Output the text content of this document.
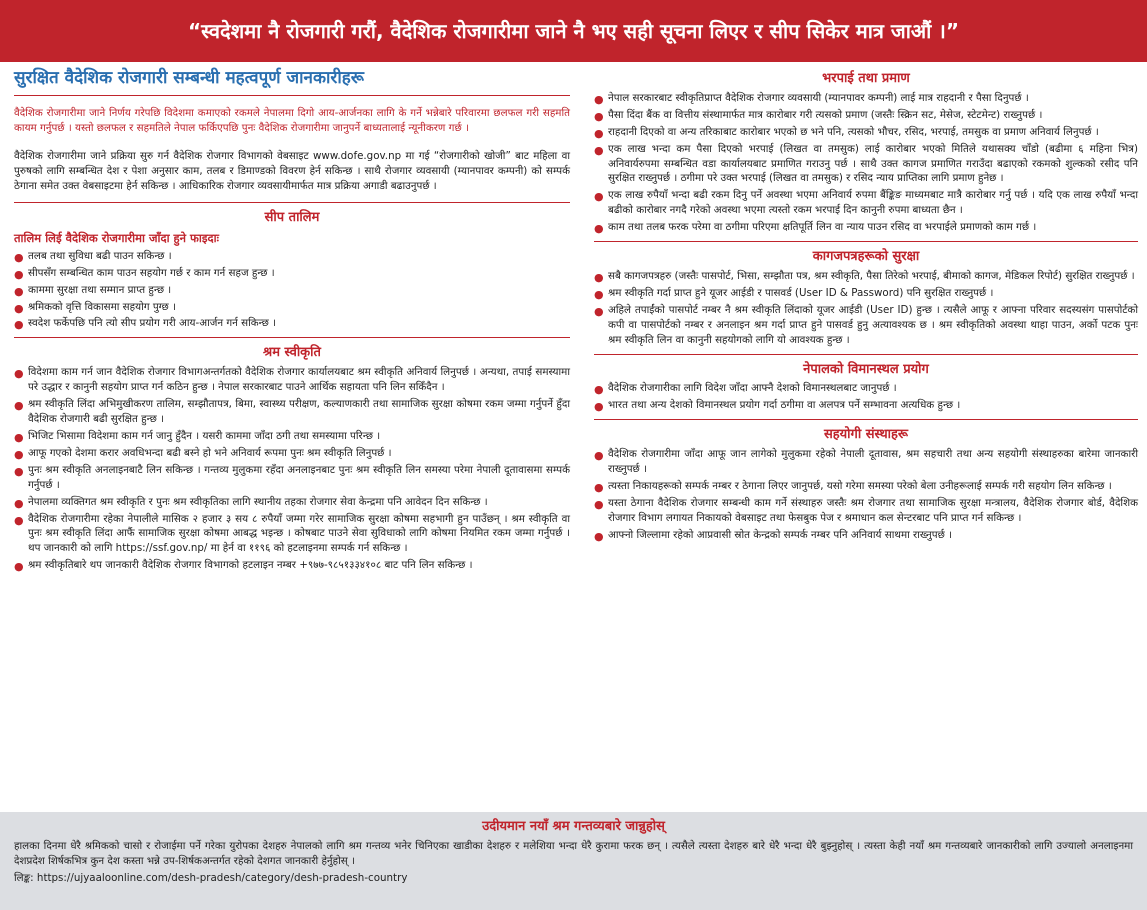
“स्वदेशमा नै रोजगारी गरौं, वैदेशिक रोजगारीमा जाने नै भए सही सूचना लिएर र सीप सिकेर मात्र जाऔं ।”
सुरक्षित वैदेशिक रोजगारी सम्बन्धी महत्वपूर्ण जानकारीहरू

वैदेशिक रोजगारीमा जाने निर्णय गरेपछि विदेशमा कमाएको रकमले नेपालमा दिगो आय-आर्जनका लागि के गर्ने भन्नेबारे परिवारमा छलफल गरी सहमति कायम गर्नुपर्छ । यस्तो छलफल र सहमतिले नेपाल फर्किएपछि पुनः वैदेशिक रोजगारीमा जानुपर्ने बाध्यतालाई न्यूनीकरण गर्छ ।

वैदेशिक रोजगारीमा जाने प्रक्रिया सुरु गर्न वैदेशिक रोजगार विभागको वेबसाइट www.dofe.gov.np मा गई “रोजगारीको खोजी” बाट महिला वा पुरुषको लागि सम्बन्धित देश र पेशा अनुसार काम, तलब र डिमाण्डको विवरण हेर्न सकिन्छ । साथै रोजगार व्यवसायी (म्यानपावर कम्पनी) को सम्पर्क ठेगाना समेत उक्त वेबसाइटमा हेर्न सकिन्छ । आधिकारिक रोजगार व्यवसायीमार्फत मात्र प्रक्रिया अगाडी बढाउनुपर्छ ।

सीप तालिम
तालिम लिई वैदेशिक रोजगारीमा जाँदा हुने फाइदाः
● तलब तथा सुविधा बढी पाउन सकिन्छ ।
● सीपसँग सम्बन्धित काम पाउन सहयोग गर्छ र काम गर्न सहज हुन्छ ।
● काममा सुरक्षा तथा सम्मान प्राप्त हुन्छ ।
● श्रमिकको वृत्ति विकासमा सहयोग पुग्छ ।
● स्वदेश फर्केपछि पनि त्यो सीप प्रयोग गरी आय-आर्जन गर्न सकिन्छ ।
श्रम स्वीकृति
● विदेशमा काम गर्न जान वैदेशिक रोजगार विभागअन्तर्गतको वैदेशिक रोजगार कार्यालयबाट श्रम स्वीकृति अनिवार्य लिनुपर्छ । अन्यथा, तपाई समस्यामा परे उद्धार र कानुनी सहयोग प्राप्त गर्न कठिन हुन्छ । नेपाल सरकारबाट पाउने आर्थिक सहायता पनि लिन सकिँदैन ।
● श्रम स्वीकृति लिंदा अभिमुखीकरण तालिम, सम्झौतापत्र, बिमा, स्वास्थ्य परीक्षण, कल्याणकारी तथा सामाजिक सुरक्षा कोषमा रकम जम्मा गर्नुपर्ने हुँदा वैदेशिक रोजगारी बढी सुरक्षित हुन्छ ।
● भिजिट भिसामा विदेशमा काम गर्न जानु हुँदैन । यसरी काममा जाँदा ठगी तथा समस्यामा परिन्छ ।
● आफू गएको देशमा करार अवधिभन्दा बढी बस्ने हो भने अनिवार्य रूपमा पुनः श्रम स्वीकृति लिनुपर्छ ।
● पुनः श्रम स्वीकृति अनलाइनबाटै लिन सकिन्छ । गन्तव्य मुलुकमा रहँदा अनलाइनबाट पुनः श्रम स्वीकृति लिन समस्या परेमा नेपाली दूतावासमा सम्पर्क गर्नुपर्छ ।
● नेपालमा व्यक्तिगत श्रम स्वीकृति र पुनः श्रम स्वीकृतिका लागि स्थानीय तहका रोजगार सेवा केन्द्रमा पनि आवेदन दिन सकिन्छ ।
● वैदेशिक रोजगारीमा रहेका नेपालीले मासिक २ हजार ३ सय ८ रुपैयाँ जम्मा गरेर सामाजिक सुरक्षा कोषमा सहभागी हुन पाउँछन् । श्रम स्वीकृति वा पुनः श्रम स्वीकृति लिंदा आफैं सामाजिक सुरक्षा कोषमा आबद्ध भइन्छ । कोषबाट पाउने सेवा सुविधाको लागि कोषमा नियमित रकम जम्मा गर्नुपर्छ । थप जानकारी को लागि https://ssf.gov.np/ मा हेर्न वा ११९६ को हटलाइनमा सम्पर्क गर्न सकिन्छ ।
● श्रम स्वीकृतिबारे थप जानकारी वैदेशिक रोजगार विभागको हटलाइन नम्बर +९७७-९८५१३३४१०८ बाट पनि लिन सकिन्छ ।
भरपाई तथा प्रमाण
● नेपाल सरकारबाट स्वीकृतिप्राप्त वैदेशिक रोजगार व्यवसायी (म्यानपावर कम्पनी) लाई मात्र राहदानी र पैसा दिनुपर्छ ।
● पैसा दिंदा बैंक वा वित्तीय संस्थामार्फत मात्र कारोबार गरी त्यसको प्रमाण (जस्तैः स्क्रिन सट, मेसेज, स्टेटमेन्ट) राख्नुपर्छ ।
● राहदानी दिएको वा अन्य तरिकाबाट कारोबार भएको छ भने पनि, त्यसको भौचर, रसिद, भरपाई, तमसुक वा प्रमाण अनिवार्य लिनुपर्छ ।
● एक लाख भन्दा कम पैसा दिएको भरपाई (लिखत वा तमसुक) लाई कारोबार भएको मितिले यथासक्य चाँडो (बढीमा ६ महिना भित्र) अनिवार्यरुपमा सम्बन्धित वडा कार्यालयबाट प्रमाणित गराउनु पर्छ । साथै उक्त कागज प्रमाणित गराउँदा बढाएको रकमको शुल्कको रसीद पनि सुरक्षित राख्नुपर्छ । ठगीमा परे उक्त भरपाई (लिखत वा तमसुक) र रसिद न्याय प्राप्तिका लागि प्रमाण हुनेछ ।
● एक लाख रुपैयाँ भन्दा बढी रकम दिनु पर्ने अवस्था भएमा अनिवार्य रुपमा बैंङ्किङ माध्यमबाट मात्रै कारोबार गर्नु पर्छ । यदि एक लाख रुपैयाँ भन्दा बढीको कारोबार नगदै गरेको अवस्था भएमा त्यस्तो रकम भरपाई दिन कानुनी रुपमा बाध्यता छैन ।
● काम तथा तलब फरक परेमा वा ठगीमा परिएमा क्षतिपूर्ति लिन वा न्याय पाउन रसिद वा भरपाईले प्रमाणको काम गर्छ ।
कागजपत्रहरूको सुरक्षा
● सबै कागजपत्रहरु (जस्तैः पासपोर्ट, भिसा, सम्झौता पत्र, श्रम स्वीकृति, पैसा तिरेको भरपाई, बीमाको कागज, मेडिकल रिपोर्ट) सुरक्षित राख्नुपर्छ ।
● श्रम स्वीकृति गर्दा प्राप्त हुने यूजर आईडी र पासवर्ड (User ID & Password) पनि सुरक्षित राख्नुपर्छ ।
● अहिले तपाईंको पासपोर्ट नम्बर नै श्रम स्वीकृति लिंदाको यूजर आईडी (User ID) हुन्छ । त्यसैले आफू र आफ्ना परिवार सदस्यसंग पासपोर्टको कपी वा पासपोर्टको नम्बर र अनलाइन श्रम गर्दा प्राप्त हुने पासवर्ड हुनु अत्यावश्यक छ । श्रम स्वीकृतिको अवस्था थाहा पाउन, अर्को पटक पुनः श्रम स्वीकृति लिन वा कानुनी सहयोगको लागि यो आवश्यक हुन्छ ।
नेपालको विमानस्थल प्रयोग
● वैदेशिक रोजगारीका लागि विदेश जाँदा आफ्नै देशको विमानस्थलबाट जानुपर्छ ।
● भारत तथा अन्य देशको विमानस्थल प्रयोग गर्दा ठगीमा वा अलपत्र पर्ने सम्भावना अत्यधिक हुन्छ ।
सहयोगी संस्थाहरू
● वैदेशिक रोजगारीमा जाँदा आफू जान लागेको मुलुकमा रहेको नेपाली दूतावास, श्रम सहचारी तथा अन्य सहयोगी संस्थाहरुका बारेमा जानकारी राख्नुपर्छ ।
● त्यस्ता निकायहरूको सम्पर्क नम्बर र ठेगाना लिएर जानुपर्छ, यसो गरेमा समस्या परेको बेला उनीहरूलाई सम्पर्क गरी सहयोग लिन सकिन्छ ।
● यस्ता ठेगाना वैदेशिक रोजगार सम्बन्धी काम गर्ने संस्थाहरु जस्तैः श्रम रोजगार तथा सामाजिक सुरक्षा मन्त्रालय, वैदेशिक रोजगार बोर्ड, वैदेशिक रोजगार विभाग लगायत निकायको वेबसाइट तथा फेसबुक पेज र श्रमाधान कल सेन्टरबाट पनि प्राप्त गर्न सकिन्छ ।
● आफ्नो जिल्लामा रहेको आप्रवासी स्रोत केन्द्रको सम्पर्क नम्बर पनि अनिवार्य साथमा राख्नुपर्छ ।
उदीयमान नयाँ श्रम गन्तव्यबारे जान्नुहोस्

हालका दिनमा धेरै श्रमिकको चासो र रोजाईमा पर्ने गरेका युरोपका देशहरु नेपालको लागि श्रम गन्तव्य भनेर चिनिएका खाडीका देशहरु र मलेशिया भन्दा धेरै कुरामा फरक छन् । त्यसैले त्यस्ता देशहरु बारे धेरै भन्दा धेरै बुझ्नुहोस् । त्यस्ता केही नयाँ श्रम गन्तव्यबारे जानकारीको लागि उज्यालो अनलाइनमा देशप्रदेश शिर्षकभित्र कुन देश कस्ता भन्ने उप-शिर्षकअन्तर्गत रहेको देशगत जानकारी हेर्नुहोस् ।

लिङ्क: https://ujyaaloonline.com/desh-pradesh/category/desh-pradesh-country
